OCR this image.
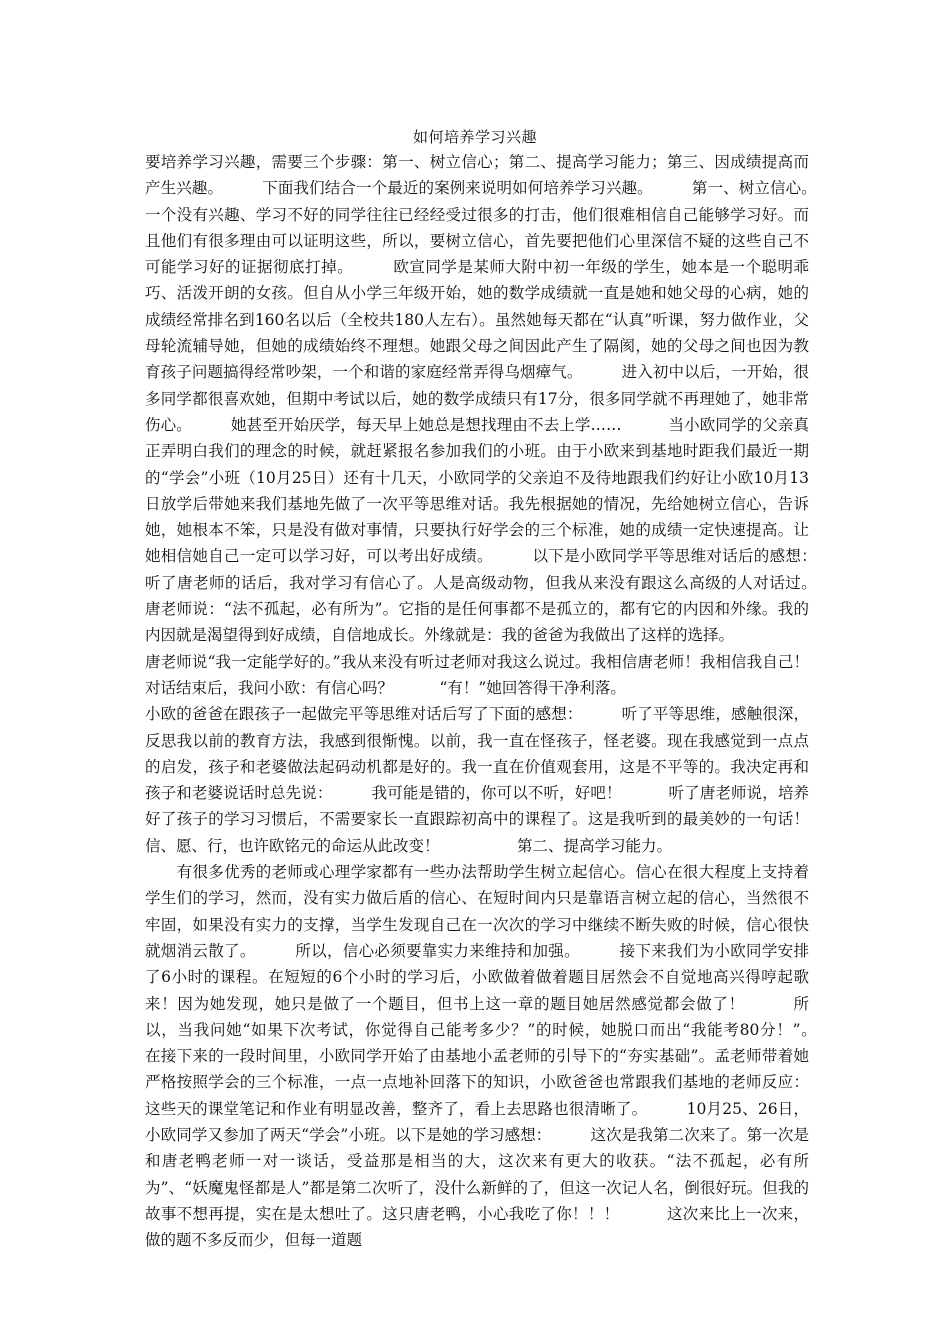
如何培养学习兴趣

要培养学习兴趣，需要三个步骤：第一、树立信心；第二、提高学习能力；第三、因成绩提高而产生兴趣。　　　下面我们结合一个最近的案例来说明如何培养学习兴趣。　　　第一、树立信心。　　　一个没有兴趣、学习不好的同学往往已经经受过很多的打击，他们很难相信自己能够学习好。而且他们有很多理由可以证明这些，所以，要树立信心，首先要把他们心里深信不疑的这些自己不可能学习好的证据彻底打掉。　　　欧宣同学是某师大附中初一年级的学生，她本是一个聪明乖巧、活泼开朗的女孩。但自从小学三年级开始，她的数学成绩就一直是她和她父母的心病，她的成绩经常排名到160名以后（全校共180人左右）。虽然她每天都在“认真”听课，努力做作业，父母轮流辅导她，但她的成绩始终不理想。她跟父母之间因此产生了隔阂，她的父母之间也因为教育孩子问题搞得经常吵架，一个和谐的家庭经常弄得乌烟瘴气。　　　进入初中以后，一开始，很多同学都很喜欢她，但期中考试以后，她的数学成绩只有17分，很多同学就不再理她了，她非常伤心。　　　她甚至开始厌学，每天早上她总是想找理由不去上学……　　　当小欧同学的父亲真正弄明白我们的理念的时候，就赶紧报名参加我们的小班。由于小欧来到基地时距我们最近一期的“学会”小班（10月25日）还有十几天，小欧同学的父亲迫不及待地跟我们约好让小欧10月13日放学后带她来我们基地先做了一次平等思维对话。我先根据她的情况，先给她树立信心，告诉她，她根本不笨，只是没有做对事情，只要执行好学会的三个标准，她的成绩一定快速提高。让她相信她自己一定可以学习好，可以考出好成绩。　　　以下是小欧同学平等思维对话后的感想：　　　听了唐老师的话后，我对学习有信心了。人是高级动物，但我从来没有跟这么高级的人对话过。　　　唐老师说：“法不孤起，必有所为”。它指的是任何事都不是孤立的，都有它的内因和外缘。我的内因就是渴望得到好成绩，自信地成长。外缘就是：我的爸爸为我做出了这样的选择。

唐老师说“我一定能学好的。”我从来没有听过老师对我这么说过。我相信唐老师！我相信我自己！　　　对话结束后，我问小欧：有信心吗？　　　“有！”她回答得干净利落。

小欧的爸爸在跟孩子一起做完平等思维对话后写了下面的感想：　　　听了平等思维，感触很深，反思我以前的教育方法，我感到很惭愧。以前，我一直在怪孩子，怪老婆。现在我感觉到一点点的启发，孩子和老婆做法起码动机都是好的。我一直在价值观套用，这是不平等的。我决定再和孩子和老婆说话时总先说：　　　我可能是错的，你可以不听，好吧！　　　听了唐老师说，培养好了孩子的学习习惯后，不需要家长一直跟踪初高中的课程了。这是我听到的最美妙的一句话！　　　信、愿、行，也许欧铭元的命运从此改变！　　　　　第二、提高学习能力。

　　有很多优秀的老师或心理学家都有一些办法帮助学生树立起信心。信心在很大程度上支持着学生们的学习，然而，没有实力做后盾的信心、在短时间内只是靠语言树立起的信心，当然很不牢固，如果没有实力的支撑，当学生发现自己在一次次的学习中继续不断失败的时候，信心很快就烟消云散了。　　　所以，信心必须要靠实力来维持和加强。　　　接下来我们为小欧同学安排了6小时的课程。在短短的6个小时的学习后，小欧做着做着题目居然会不自觉地高兴得哼起歌来！因为她发现，她只是做了一个题目，但书上这一章的题目她居然感觉都会做了！　　　所以，当我问她“如果下次考试，你觉得自己能考多少？”的时候，她脱口而出“我能考80分！”。　　　在接下来的一段时间里，小欧同学开始了由基地小孟老师的引导下的“夯实基础”。孟老师带着她严格按照学会的三个标准，一点一点地补回落下的知识，小欧爸爸也常跟我们基地的老师反应：这些天的课堂笔记和作业有明显改善，整齐了，看上去思路也很清晰了。　　　10月25、26日，小欧同学又参加了两天“学会”小班。以下是她的学习感想：　　　这次是我第二次来了。第一次是和唐老鸭老师一对一谈话，受益那是相当的大，这次来有更大的收获。“法不孤起，必有所为”、“妖魔鬼怪都是人”都是第二次听了，没什么新鲜的了，但这一次记人名，倒很好玩。但我的故事不想再提，实在是太想吐了。这只唐老鸭，小心我吃了你！！！　　　这次来比上一次来，做的题不多反而少，但每一道题
